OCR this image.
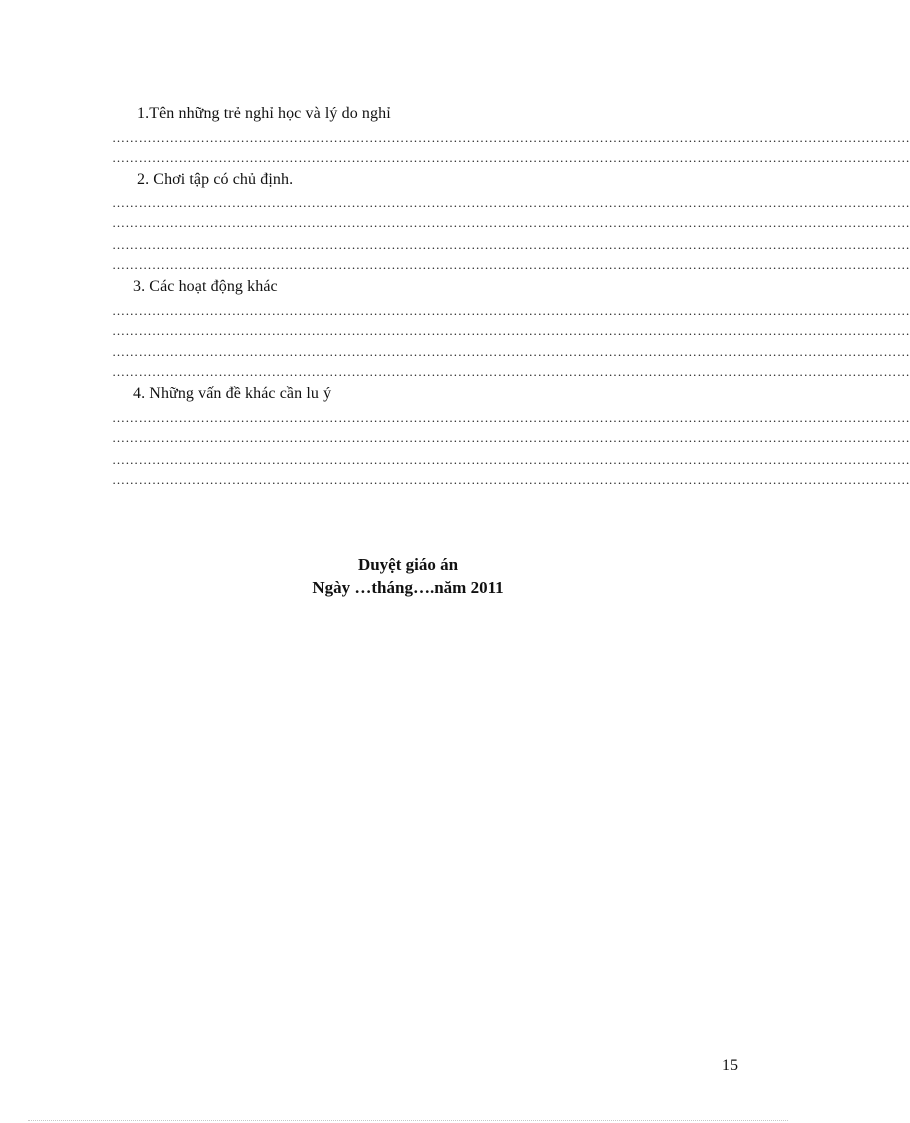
1.Tên những trẻ nghỉ học và lý do nghỉ
………………………………………………………………………………………………………………………………………………………………
………………………………………………………………………………………………………………………………………………………………
2. Chơi tập có chủ định.
………………………………………………………………………………………………………………………………………………………………
………………………………………………………………………………………………………………………………………………………………
………………………………………………………………………………………………………………………………………………………………
………………………………………………………………………………………………………………………………………………………………
3. Các hoạt động khác
………………………………………………………………………………………………………………………………………………………………
………………………………………………………………………………………………………………………………………………………………
………………………………………………………………………………………………………………………………………………………………
………………………………………………………………………………………………………………………………………………………………
4. Những vấn đề khác cần lu ý
………………………………………………………………………………………………………………………………………………………………
………………………………………………………………………………………………………………………………………………………………
………………………………………………………………………………………………………………………………………………………………
………………………………………………………………………………………………………………………………………………………………
Duyệt giáo án
Ngày …tháng….năm 2011
15
